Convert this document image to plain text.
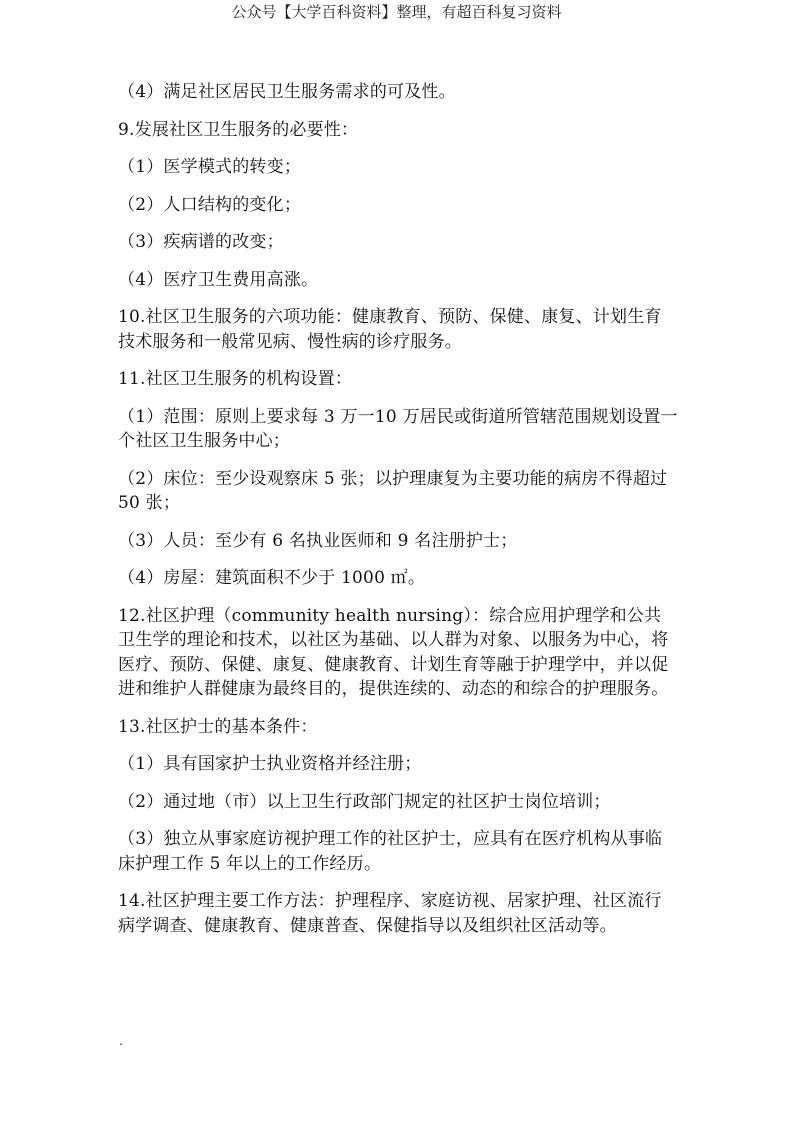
公众号【大学百科资料】整理，有超百科复习资料

（4）满足社区居民卫生服务需求的可及性。

9.发展社区卫生服务的必要性：

（1）医学模式的转变；

（2）人口结构的变化；

（3）疾病谱的改变；

（4）医疗卫生费用高涨。

10.社区卫生服务的六项功能：健康教育、预防、保健、康复、计划生育技术服务和一般常见病、慢性病的诊疗服务。

11.社区卫生服务的机构设置：

（1）范围：原则上要求每 3 万一10 万居民或街道所管辖范围规划设置一个社区卫生服务中心；

（2）床位：至少设观察床 5 张；以护理康复为主要功能的病房不得超过 50 张；

（3）人员：至少有 6 名执业医师和 9 名注册护士；

（4）房屋：建筑面积不少于 1000 ㎡。

12.社区护理（community health nursing）：综合应用护理学和公共卫生学的理论和技术，以社区为基础、以人群为对象、以服务为中心，将医疗、预防、保健、康复、健康教育、计划生育等融于护理学中，并以促进和维护人群健康为最终目的，提供连续的、动态的和综合的护理服务。

13.社区护士的基本条件：

（1）具有国家护士执业资格并经注册；

（2）通过地（市）以上卫生行政部门规定的社区护士岗位培训；

（3）独立从事家庭访视护理工作的社区护士，应具有在医疗机构从事临床护理工作 5 年以上的工作经历。

14.社区护理主要工作方法：护理程序、家庭访视、居家护理、社区流行病学调查、健康教育、健康普查、保健指导以及组织社区活动等。

.
